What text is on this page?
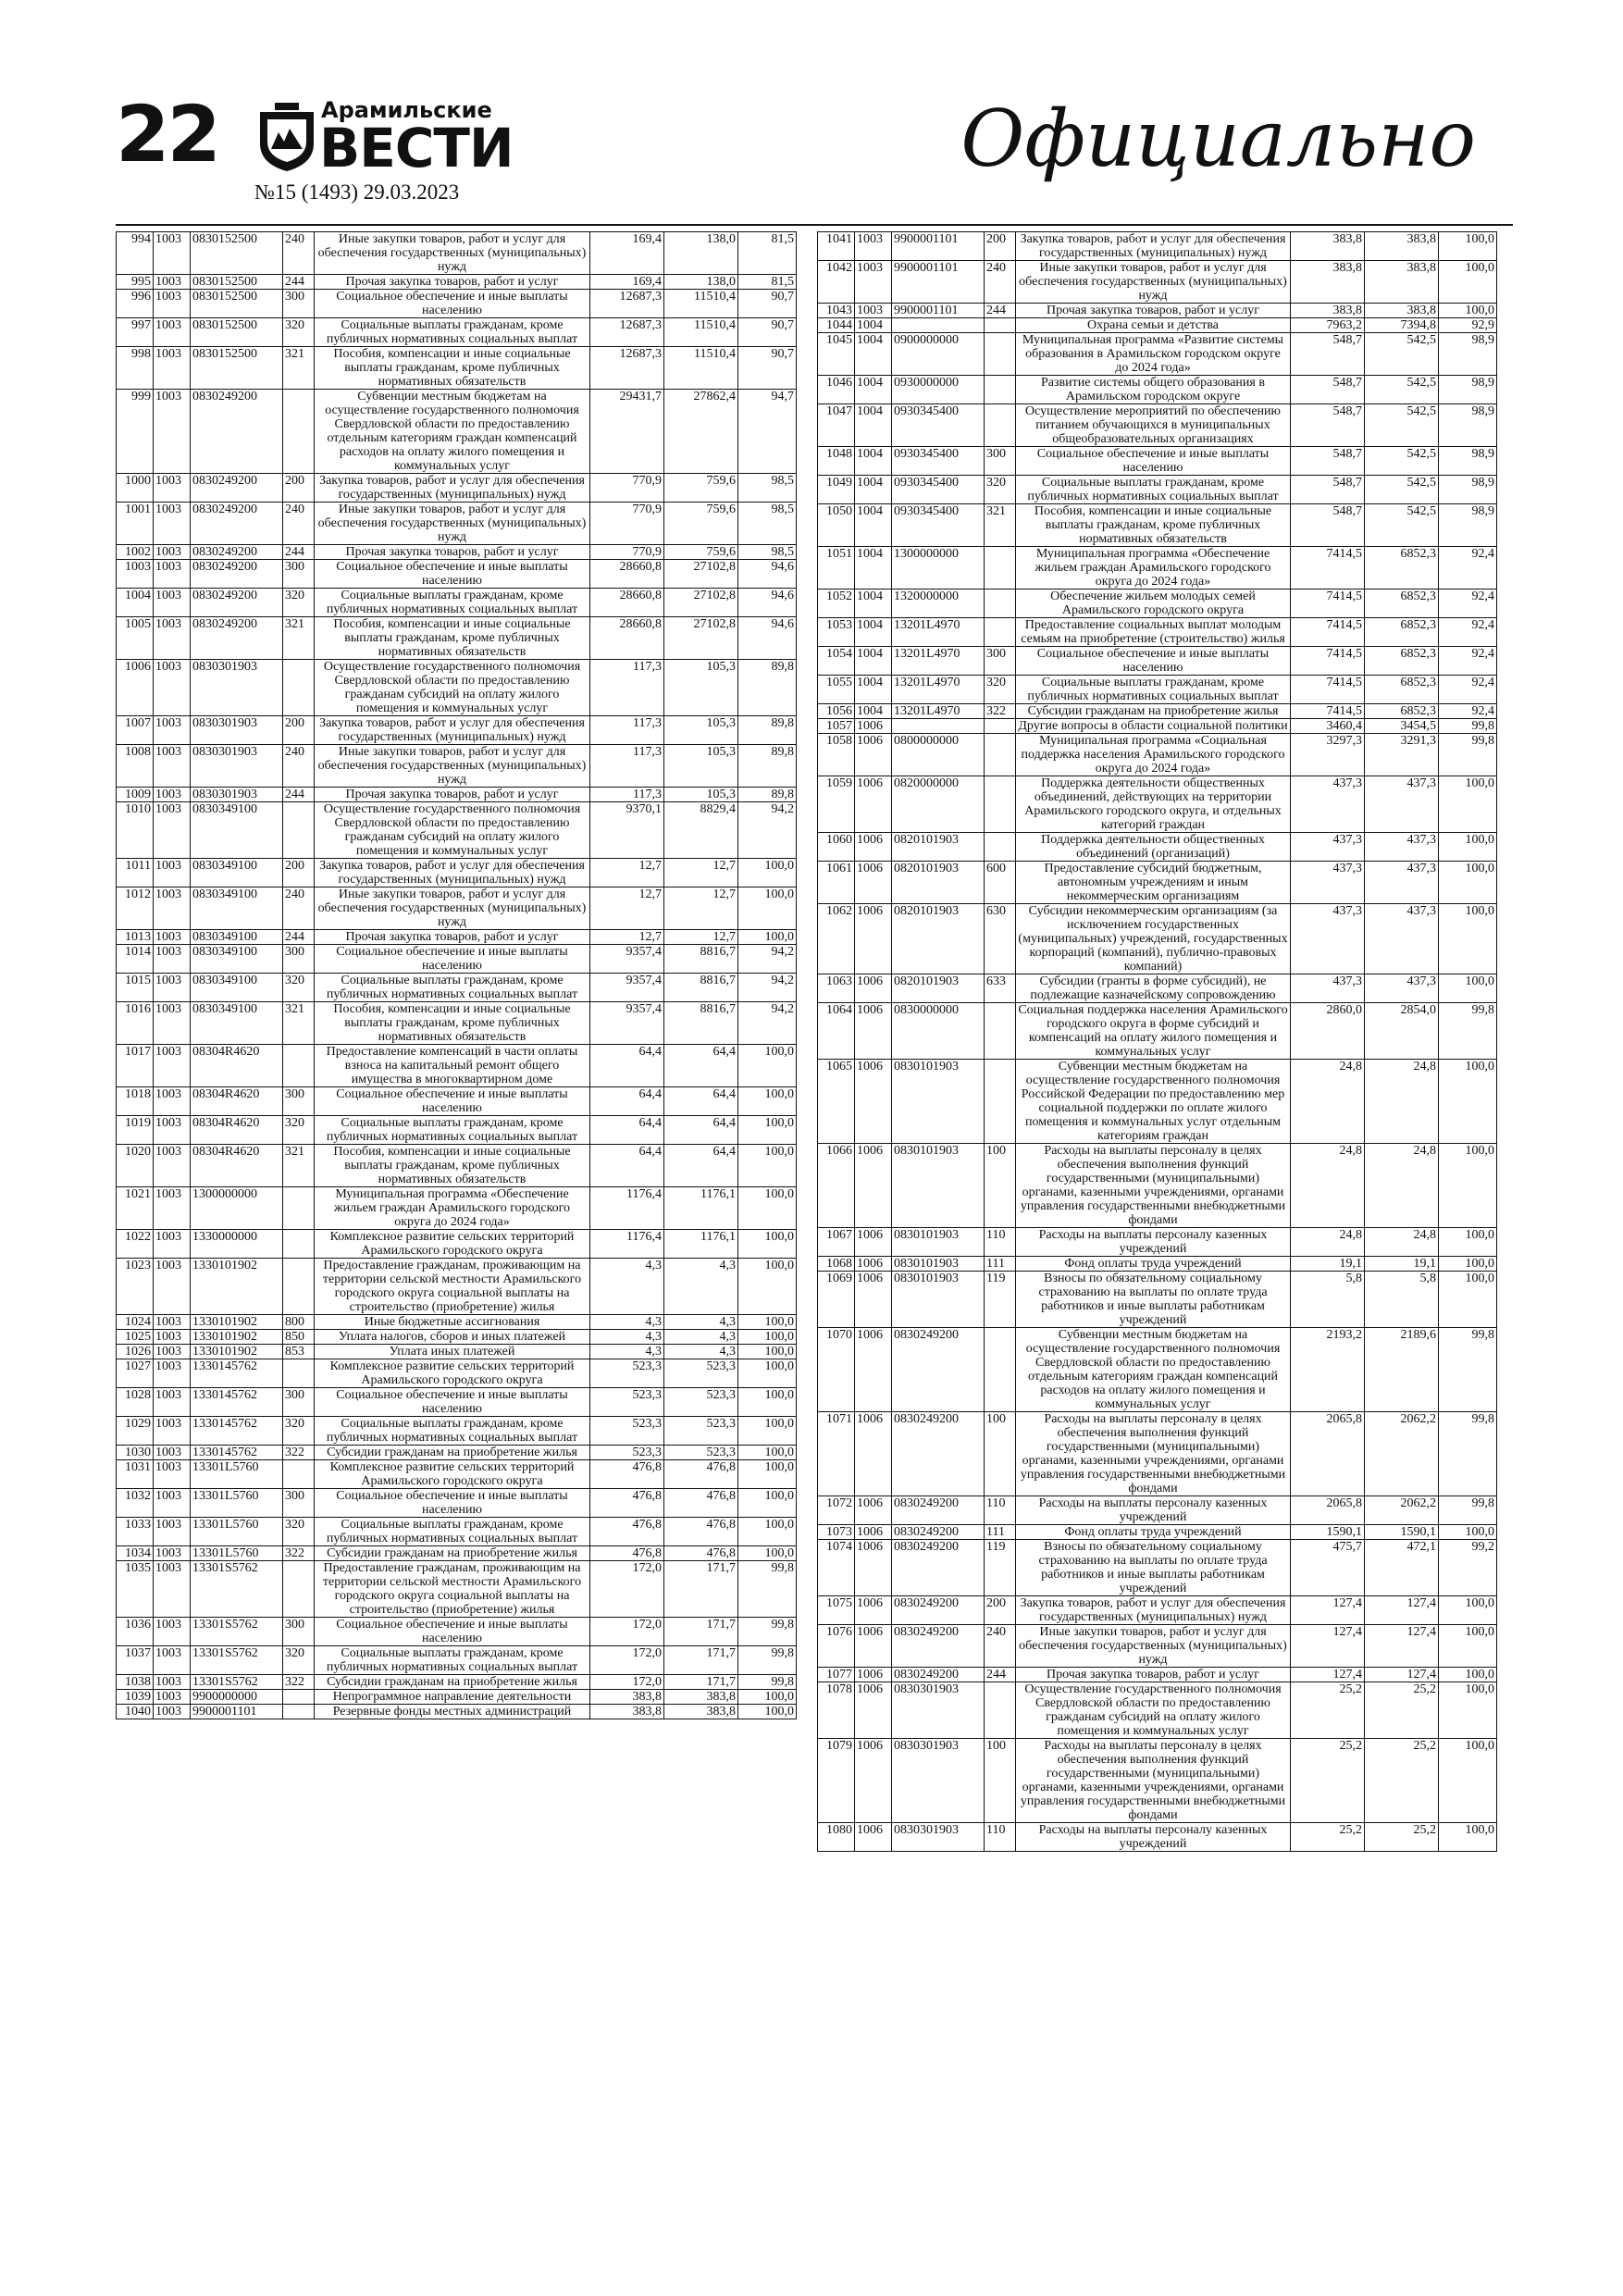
22	Арамильские
ВЕСТИ
№15 (1493) 29.03.2023
Официально
994	1003	0830152500	240	Иные закупки товаров, работ и услуг для обеспечения государственных (муниципальных) нужд	169,4	138,0	81,5
995	1003	0830152500	244	Прочая закупка товаров, работ и услуг	169,4	138,0	81,5
996	1003	0830152500	300	Социальное обеспечение и иные выплаты населению	12687,3	11510,4	90,7
997	1003	0830152500	320	Социальные выплаты гражданам, кроме публичных нормативных социальных выплат	12687,3	11510,4	90,7
998	1003	0830152500	321	Пособия, компенсации и иные социальные выплаты гражданам, кроме публичных нормативных обязательств	12687,3	11510,4	90,7
999	1003	0830249200		Субвенции местным бюджетам на осуществление государственного полномочия Свердловской области по предоставлению отдельным категориям граждан компенсаций расходов на оплату жилого помещения и коммунальных услуг	29431,7	27862,4	94,7
1000	1003	0830249200	200	Закупка товаров, работ и услуг для обеспечения государственных (муниципальных) нужд	770,9	759,6	98,5
1001	1003	0830249200	240	Иные закупки товаров, работ и услуг для обеспечения государственных (муниципальных) нужд	770,9	759,6	98,5
1002	1003	0830249200	244	Прочая закупка товаров, работ и услуг	770,9	759,6	98,5
1003	1003	0830249200	300	Социальное обеспечение и иные выплаты населению	28660,8	27102,8	94,6
1004	1003	0830249200	320	Социальные выплаты гражданам, кроме публичных нормативных социальных выплат	28660,8	27102,8	94,6
1005	1003	0830249200	321	Пособия, компенсации и иные социальные выплаты гражданам, кроме публичных нормативных обязательств	28660,8	27102,8	94,6
1006	1003	0830301903		Осуществление государственного полномочия Свердловской области по предоставлению гражданам субсидий на оплату жилого помещения и коммунальных услуг	117,3	105,3	89,8
1007	1003	0830301903	200	Закупка товаров, работ и услуг для обеспечения государственных (муниципальных) нужд	117,3	105,3	89,8
1008	1003	0830301903	240	Иные закупки товаров, работ и услуг для обеспечения государственных (муниципальных) нужд	117,3	105,3	89,8
1009	1003	0830301903	244	Прочая закупка товаров, работ и услуг	117,3	105,3	89,8
1010	1003	0830349100		Осуществление государственного полномочия Свердловской области по предоставлению гражданам субсидий на оплату жилого помещения и коммунальных услуг	9370,1	8829,4	94,2
1011	1003	0830349100	200	Закупка товаров, работ и услуг для обеспечения государственных (муниципальных) нужд	12,7	12,7	100,0
1012	1003	0830349100	240	Иные закупки товаров, работ и услуг для обеспечения государственных (муниципальных) нужд	12,7	12,7	100,0
1013	1003	0830349100	244	Прочая закупка товаров, работ и услуг	12,7	12,7	100,0
1014	1003	0830349100	300	Социальное обеспечение и иные выплаты населению	9357,4	8816,7	94,2
1015	1003	0830349100	320	Социальные выплаты гражданам, кроме публичных нормативных социальных выплат	9357,4	8816,7	94,2
1016	1003	0830349100	321	Пособия, компенсации и иные социальные выплаты гражданам, кроме публичных нормативных обязательств	9357,4	8816,7	94,2
1017	1003	08304R4620		Предоставление компенсаций в части оплаты взноса на капитальный ремонт общего имущества в многоквартирном доме	64,4	64,4	100,0
1018	1003	08304R4620	300	Социальное обеспечение и иные выплаты населению	64,4	64,4	100,0
1019	1003	08304R4620	320	Социальные выплаты гражданам, кроме публичных нормативных социальных выплат	64,4	64,4	100,0
1020	1003	08304R4620	321	Пособия, компенсации и иные социальные выплаты гражданам, кроме публичных нормативных обязательств	64,4	64,4	100,0
1021	1003	1300000000		Муниципальная программа «Обеспечение жильем граждан Арамильского городского округа до 2024 года»	1176,4	1176,1	100,0
1022	1003	1330000000		Комплексное развитие сельских территорий Арамильского городского округа	1176,4	1176,1	100,0
1023	1003	1330101902		Предоставление гражданам, проживающим на территории сельской местности Арамильского городского округа социальной выплаты на строительство (приобретение) жилья	4,3	4,3	100,0
1024	1003	1330101902	800	Иные бюджетные ассигнования	4,3	4,3	100,0
1025	1003	1330101902	850	Уплата налогов, сборов и иных платежей	4,3	4,3	100,0
1026	1003	1330101902	853	Уплата иных платежей	4,3	4,3	100,0
1027	1003	1330145762		Комплексное развитие сельских территорий Арамильского городского округа	523,3	523,3	100,0
1028	1003	1330145762	300	Социальное обеспечение и иные выплаты населению	523,3	523,3	100,0
1029	1003	1330145762	320	Социальные выплаты гражданам, кроме публичных нормативных социальных выплат	523,3	523,3	100,0
1030	1003	1330145762	322	Субсидии гражданам на приобретение жилья	523,3	523,3	100,0
1031	1003	13301L5760		Комплексное развитие сельских территорий Арамильского городского округа	476,8	476,8	100,0
1032	1003	13301L5760	300	Социальное обеспечение и иные выплаты населению	476,8	476,8	100,0
1033	1003	13301L5760	320	Социальные выплаты гражданам, кроме публичных нормативных социальных выплат	476,8	476,8	100,0
1034	1003	13301L5760	322	Субсидии гражданам на приобретение жилья	476,8	476,8	100,0
1035	1003	13301S5762		Предоставление гражданам, проживающим на территории сельской местности Арамильского городского округа социальной выплаты на строительство (приобретение) жилья	172,0	171,7	99,8
1036	1003	13301S5762	300	Социальное обеспечение и иные выплаты населению	172,0	171,7	99,8
1037	1003	13301S5762	320	Социальные выплаты гражданам, кроме публичных нормативных социальных выплат	172,0	171,7	99,8
1038	1003	13301S5762	322	Субсидии гражданам на приобретение жилья	172,0	171,7	99,8
1039	1003	9900000000		Непрограммное направление деятельности	383,8	383,8	100,0
1040	1003	9900001101		Резервные фонды местных администраций	383,8	383,8	100,0
1041	1003	9900001101	200	Закупка товаров, работ и услуг для обеспечения государственных (муниципальных) нужд	383,8	383,8	100,0
1042	1003	9900001101	240	Иные закупки товаров, работ и услуг для обеспечения государственных (муниципальных) нужд	383,8	383,8	100,0
1043	1003	9900001101	244	Прочая закупка товаров, работ и услуг	383,8	383,8	100,0
1044	1004			Охрана семьи и детства	7963,2	7394,8	92,9
1045	1004	0900000000		Муниципальная программа «Развитие системы образования в Арамильском городском округе до 2024 года»	548,7	542,5	98,9
1046	1004	0930000000		Развитие системы общего образования в Арамильском городском округе	548,7	542,5	98,9
1047	1004	0930345400		Осуществление мероприятий по обеспечению питанием обучающихся в муниципальных общеобразовательных организациях	548,7	542,5	98,9
1048	1004	0930345400	300	Социальное обеспечение и иные выплаты населению	548,7	542,5	98,9
1049	1004	0930345400	320	Социальные выплаты гражданам, кроме публичных нормативных социальных выплат	548,7	542,5	98,9
1050	1004	0930345400	321	Пособия, компенсации и иные социальные выплаты гражданам, кроме публичных нормативных обязательств	548,7	542,5	98,9
1051	1004	1300000000		Муниципальная программа «Обеспечение жильем граждан Арамильского городского округа до 2024 года»	7414,5	6852,3	92,4
1052	1004	1320000000		Обеспечение жильем молодых семей Арамильского городского округа	7414,5	6852,3	92,4
1053	1004	13201L4970		Предоставление социальных выплат молодым семьям на приобретение (строительство) жилья	7414,5	6852,3	92,4
1054	1004	13201L4970	300	Социальное обеспечение и иные выплаты населению	7414,5	6852,3	92,4
1055	1004	13201L4970	320	Социальные выплаты гражданам, кроме публичных нормативных социальных выплат	7414,5	6852,3	92,4
1056	1004	13201L4970	322	Субсидии гражданам на приобретение жилья	7414,5	6852,3	92,4
1057	1006			Другие вопросы в области социальной политики	3460,4	3454,5	99,8
1058	1006	0800000000		Муниципальная программа «Социальная поддержка населения Арамильского городского округа до 2024 года»	3297,3	3291,3	99,8
1059	1006	0820000000		Поддержка деятельности общественных объединений, действующих на территории Арамильского городского округа, и отдельных категорий граждан	437,3	437,3	100,0
1060	1006	0820101903		Поддержка деятельности общественных объединений (организаций)	437,3	437,3	100,0
1061	1006	0820101903	600	Предоставление субсидий бюджетным, автономным учреждениям и иным некоммерческим организациям	437,3	437,3	100,0
1062	1006	0820101903	630	Субсидии некоммерческим организациям (за исключением государственных (муниципальных) учреждений, государственных корпораций (компаний), публично-правовых компаний)	437,3	437,3	100,0
1063	1006	0820101903	633	Субсидии (гранты в форме субсидий), не подлежащие казначейскому сопровождению	437,3	437,3	100,0
1064	1006	0830000000		Социальная поддержка населения Арамильского городского округа в форме субсидий и компенсаций на оплату жилого помещения и коммунальных услуг	2860,0	2854,0	99,8
1065	1006	0830101903		Субвенции местным бюджетам на осуществление государственного полномочия Российской Федерации по предоставлению мер социальной поддержки по оплате жилого помещения и коммунальных услуг отдельным категориям граждан	24,8	24,8	100,0
1066	1006	0830101903	100	Расходы на выплаты персоналу в целях обеспечения выполнения функций государственными (муниципальными) органами, казенными учреждениями, органами управления государственными внебюджетными фондами	24,8	24,8	100,0
1067	1006	0830101903	110	Расходы на выплаты персоналу казенных учреждений	24,8	24,8	100,0
1068	1006	0830101903	111	Фонд оплаты труда учреждений	19,1	19,1	100,0
1069	1006	0830101903	119	Взносы по обязательному социальному страхованию на выплаты по оплате труда работников и иные выплаты работникам учреждений	5,8	5,8	100,0
1070	1006	0830249200		Субвенции местным бюджетам на осуществление государственного полномочия Свердловской области по предоставлению отдельным категориям граждан компенсаций расходов на оплату жилого помещения и коммунальных услуг	2193,2	2189,6	99,8
1071	1006	0830249200	100	Расходы на выплаты персоналу в целях обеспечения выполнения функций государственными (муниципальными) органами, казенными учреждениями, органами управления государственными внебюджетными фондами	2065,8	2062,2	99,8
1072	1006	0830249200	110	Расходы на выплаты персоналу казенных учреждений	2065,8	2062,2	99,8
1073	1006	0830249200	111	Фонд оплаты труда учреждений	1590,1	1590,1	100,0
1074	1006	0830249200	119	Взносы по обязательному социальному страхованию на выплаты по оплате труда работников и иные выплаты работникам учреждений	475,7	472,1	99,2
1075	1006	0830249200	200	Закупка товаров, работ и услуг для обеспечения государственных (муниципальных) нужд	127,4	127,4	100,0
1076	1006	0830249200	240	Иные закупки товаров, работ и услуг для обеспечения государственных (муниципальных) нужд	127,4	127,4	100,0
1077	1006	0830249200	244	Прочая закупка товаров, работ и услуг	127,4	127,4	100,0
1078	1006	0830301903		Осуществление государственного полномочия Свердловской области по предоставлению гражданам субсидий на оплату жилого помещения и коммунальных услуг	25,2	25,2	100,0
1079	1006	0830301903	100	Расходы на выплаты персоналу в целях обеспечения выполнения функций государственными (муниципальными) органами, казенными учреждениями, органами управления государственными внебюджетными фондами	25,2	25,2	100,0
1080	1006	0830301903	110	Расходы на выплаты персоналу казенных учреждений	25,2	25,2	100,0
